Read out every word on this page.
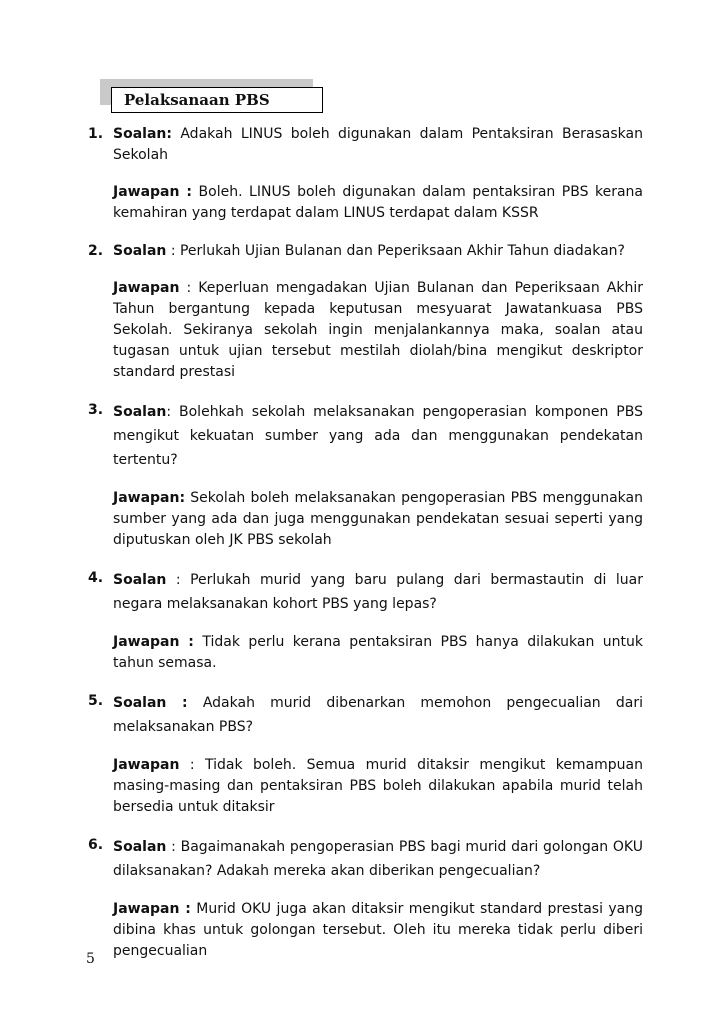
Pelaksanaan PBS
1. Soalan: Adakah LINUS boleh digunakan dalam Pentaksiran Berasaskan Sekolah

Jawapan : Boleh. LINUS boleh digunakan dalam pentaksiran PBS kerana kemahiran yang terdapat dalam LINUS terdapat dalam KSSR

2. Soalan : Perlukah Ujian Bulanan dan Peperiksaan Akhir Tahun diadakan?

Jawapan : Keperluan mengadakan Ujian Bulanan dan Peperiksaan Akhir Tahun bergantung kepada keputusan mesyuarat Jawatankuasa PBS Sekolah. Sekiranya sekolah ingin menjalankannya maka, soalan atau tugasan untuk ujian tersebut mestilah diolah/bina mengikut deskriptor standard prestasi

3. Soalan: Bolehkah sekolah melaksanakan pengoperasian komponen PBS mengikut kekuatan sumber yang ada dan menggunakan pendekatan tertentu?

Jawapan: Sekolah boleh melaksanakan pengoperasian PBS menggunakan sumber yang ada dan juga menggunakan pendekatan sesuai seperti yang diputuskan oleh JK PBS sekolah

4. Soalan : Perlukah murid yang baru pulang dari bermastautin di luar negara melaksanakan kohort PBS yang lepas?

Jawapan : Tidak perlu kerana pentaksiran PBS hanya dilakukan untuk tahun semasa.

5. Soalan : Adakah murid dibenarkan memohon pengecualian dari melaksanakan PBS?

Jawapan : Tidak boleh. Semua murid ditaksir mengikut kemampuan masing-masing dan pentaksiran PBS boleh dilakukan apabila murid telah bersedia untuk ditaksir

6. Soalan : Bagaimanakah pengoperasian PBS bagi murid dari golongan OKU dilaksanakan? Adakah mereka akan diberikan pengecualian?

Jawapan : Murid OKU juga akan ditaksir mengikut standard prestasi yang dibina khas untuk golongan tersebut. Oleh itu mereka tidak perlu diberi pengecualian

5
